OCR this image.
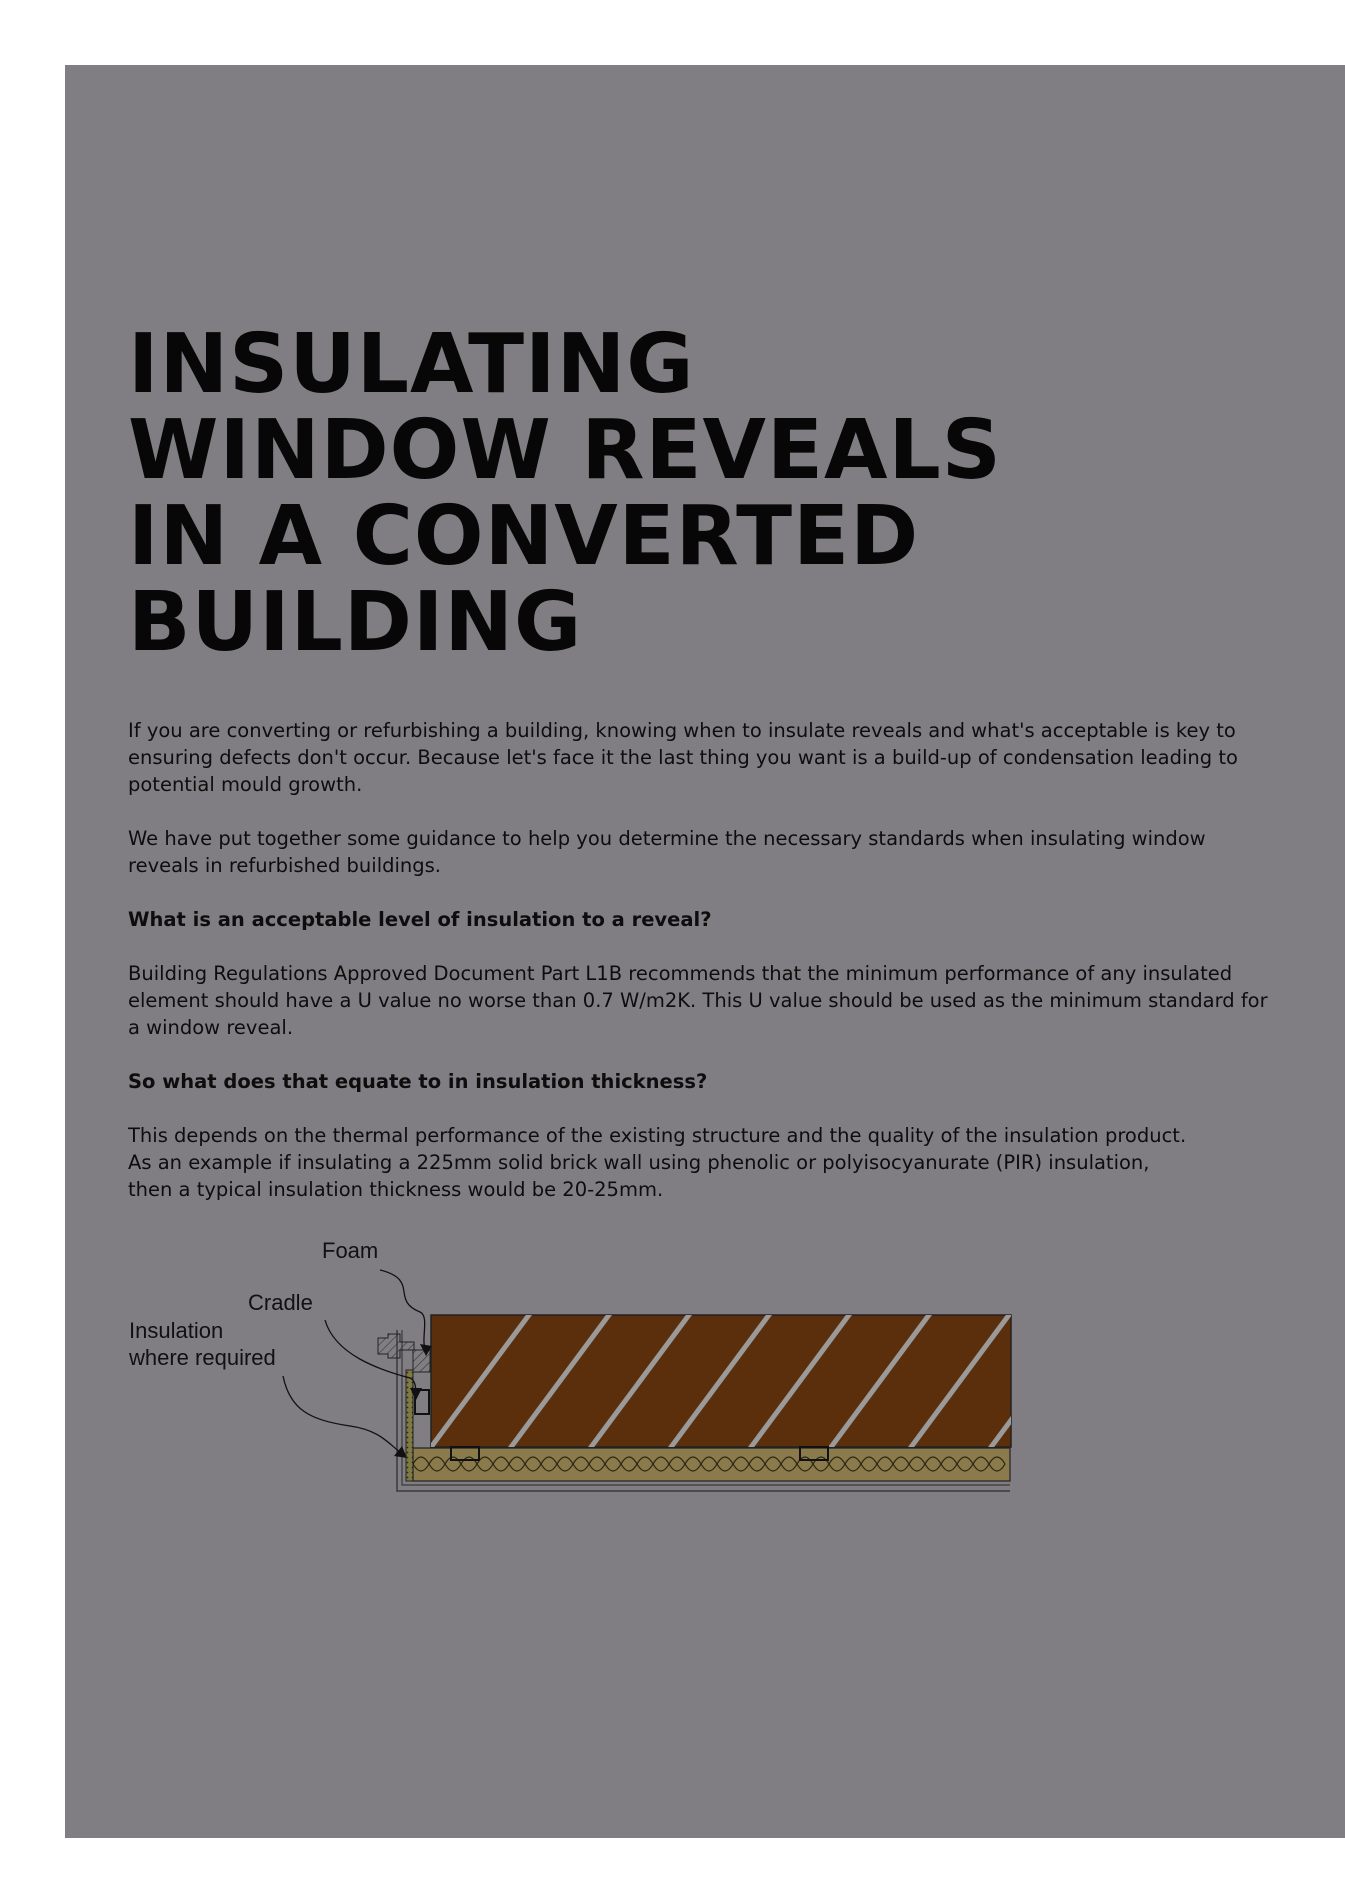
INSULATING
WINDOW REVEALS
IN A CONVERTED
BUILDING

If you are converting or refurbishing a building, knowing when to insulate reveals and what's acceptable is key to ensuring defects don't occur. Because let's face it the last thing you want is a build-up of condensation leading to potential mould growth.

We have put together some guidance to help you determine the necessary standards when insulating window reveals in refurbished buildings.

What is an acceptable level of insulation to a reveal?

Building Regulations Approved Document Part L1B recommends that the minimum performance of any insulated element should have a U value no worse than 0.7 W/m2K. This U value should be used as the minimum standard for a window reveal.

So what does that equate to in insulation thickness?

This depends on the thermal performance of the existing structure and the quality of the insulation product.
As an example if insulating a 225mm solid brick wall using phenolic or polyisocyanurate (PIR) insulation,
then a typical insulation thickness would be 20-25mm.

Foam
Cradle
Insulation
where required
